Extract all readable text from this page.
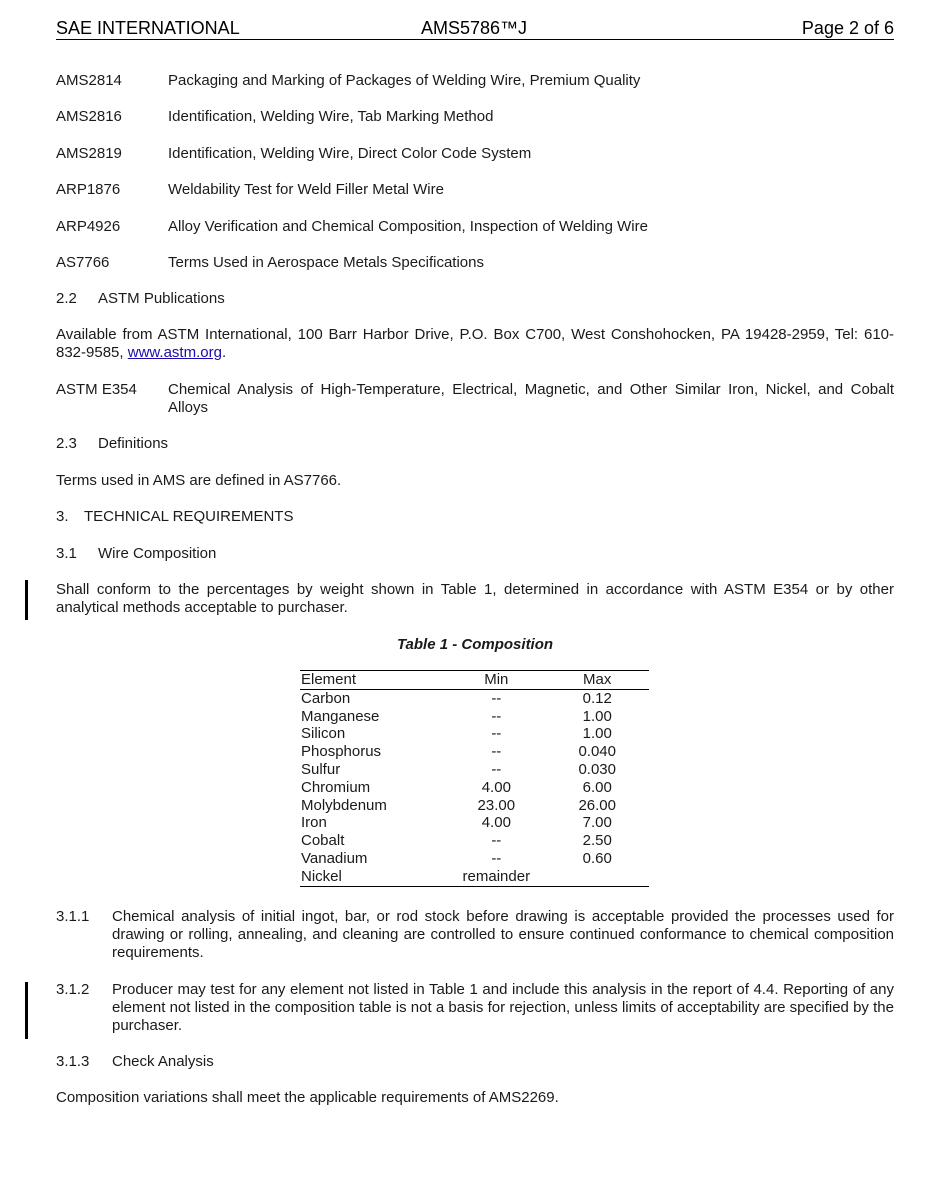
SAE INTERNATIONAL	AMS5786™J	Page 2 of 6
AMS2814	Packaging and Marking of Packages of Welding Wire, Premium Quality
AMS2816	Identification, Welding Wire, Tab Marking Method
AMS2819	Identification, Welding Wire, Direct Color Code System
ARP1876	Weldability Test for Weld Filler Metal Wire
ARP4926	Alloy Verification and Chemical Composition, Inspection of Welding Wire
AS7766	Terms Used in Aerospace Metals Specifications
2.2 ASTM Publications
Available from ASTM International, 100 Barr Harbor Drive, P.O. Box C700, West Conshohocken, PA 19428-2959, Tel: 610-832-9585, www.astm.org.
ASTM E354 Chemical Analysis of High-Temperature, Electrical, Magnetic, and Other Similar Iron, Nickel, and Cobalt Alloys
2.3 Definitions
Terms used in AMS are defined in AS7766.
3. TECHNICAL REQUIREMENTS
3.1 Wire Composition
Shall conform to the percentages by weight shown in Table 1, determined in accordance with ASTM E354 or by other analytical methods acceptable to purchaser.
Table 1 - Composition
Element	Min	Max
Carbon	--	0.12
Manganese	--	1.00
Silicon	--	1.00
Phosphorus	--	0.040
Sulfur	--	0.030
Chromium	4.00	6.00
Molybdenum	23.00	26.00
Iron	4.00	7.00
Cobalt	--	2.50
Vanadium	--	0.60
Nickel	remainder	
3.1.1 Chemical analysis of initial ingot, bar, or rod stock before drawing is acceptable provided the processes used for drawing or rolling, annealing, and cleaning are controlled to ensure continued conformance to chemical composition requirements.
3.1.2 Producer may test for any element not listed in Table 1 and include this analysis in the report of 4.4. Reporting of any element not listed in the composition table is not a basis for rejection, unless limits of acceptability are specified by the purchaser.
3.1.3 Check Analysis
Composition variations shall meet the applicable requirements of AMS2269.
